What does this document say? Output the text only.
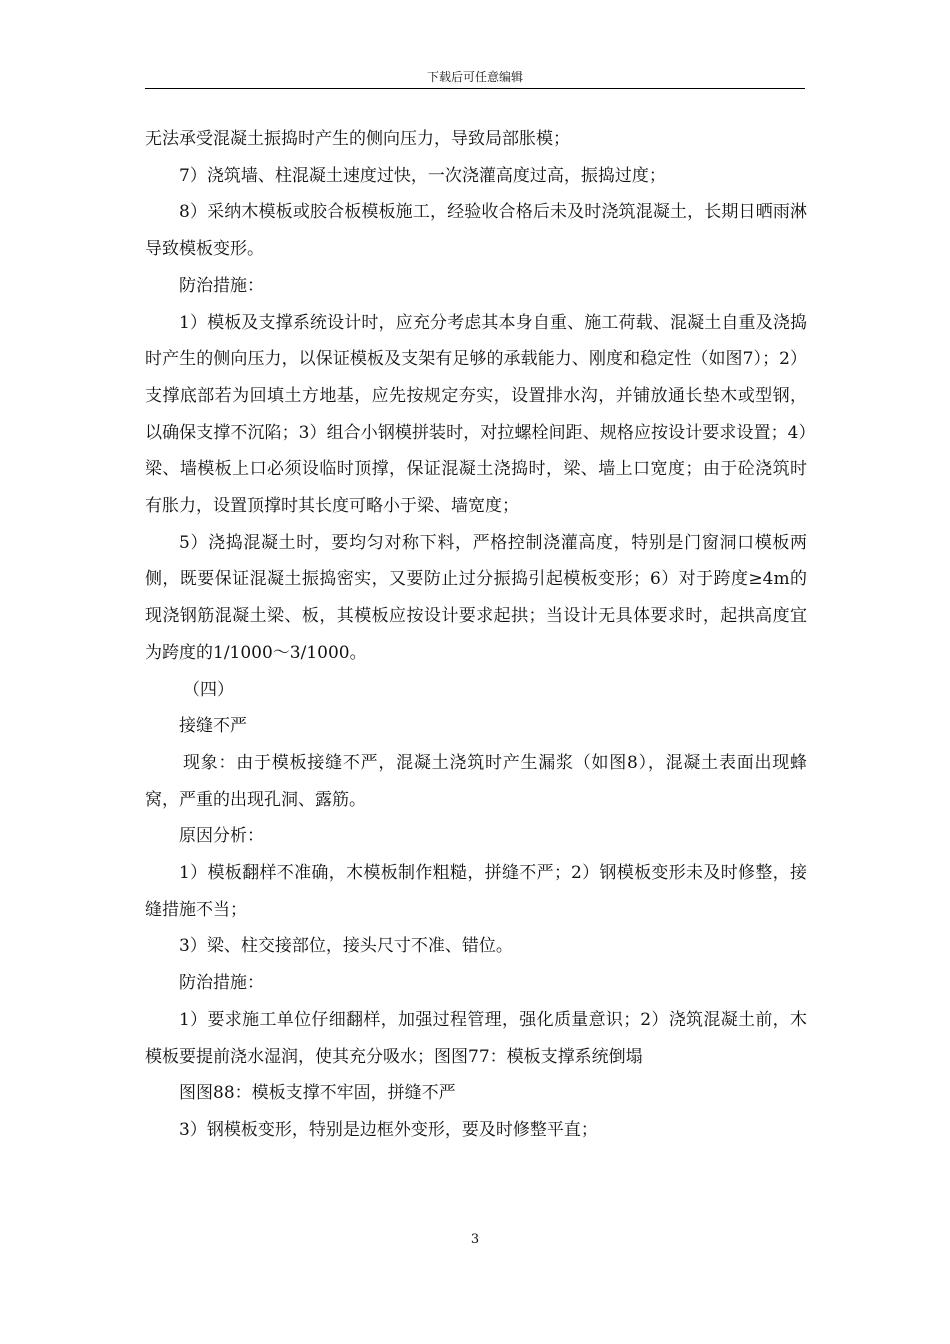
下载后可任意编辑

无法承受混凝土振捣时产生的侧向压力，导致局部胀模；

7）浇筑墙、柱混凝土速度过快，一次浇灌高度过高，振捣过度；

8）采纳木模板或胶合板模板施工，经验收合格后未及时浇筑混凝土，长期日晒雨淋导致模板变形。

防治措施：

1）模板及支撑系统设计时，应充分考虑其本身自重、施工荷载、混凝土自重及浇捣时产生的侧向压力，以保证模板及支架有足够的承载能力、刚度和稳定性（如图7）；2）支撑底部若为回填土方地基，应先按规定夯实，设置排水沟，并铺放通长垫木或型钢，以确保支撑不沉陷；3）组合小钢模拼装时，对拉螺栓间距、规格应按设计要求设置；4）梁、墙模板上口必须设临时顶撑，保证混凝土浇捣时，梁、墙上口宽度；由于砼浇筑时有胀力，设置顶撑时其长度可略小于梁、墙宽度；

5）浇捣混凝土时，要均匀对称下料，严格控制浇灌高度，特别是门窗洞口模板两侧，既要保证混凝土振捣密实，又要防止过分振捣引起模板变形；6）对于跨度≥4m的现浇钢筋混凝土梁、板，其模板应按设计要求起拱；当设计无具体要求时，起拱高度宜为跨度的1/1000～3/1000。

（四）

接缝不严

现象：由于模板接缝不严，混凝土浇筑时产生漏浆（如图8），混凝土表面出现蜂窝，严重的出现孔洞、露筋。

原因分析：

1）模板翻样不准确，木模板制作粗糙，拼缝不严；2）钢模板变形未及时修整，接缝措施不当；

3）梁、柱交接部位，接头尺寸不准、错位。

防治措施：

1）要求施工单位仔细翻样，加强过程管理，强化质量意识；2）浇筑混凝土前，木模板要提前浇水湿润，使其充分吸水；图图77：模板支撑系统倒塌

图图88：模板支撑不牢固，拼缝不严

3）钢模板变形，特别是边框外变形，要及时修整平直；

3
